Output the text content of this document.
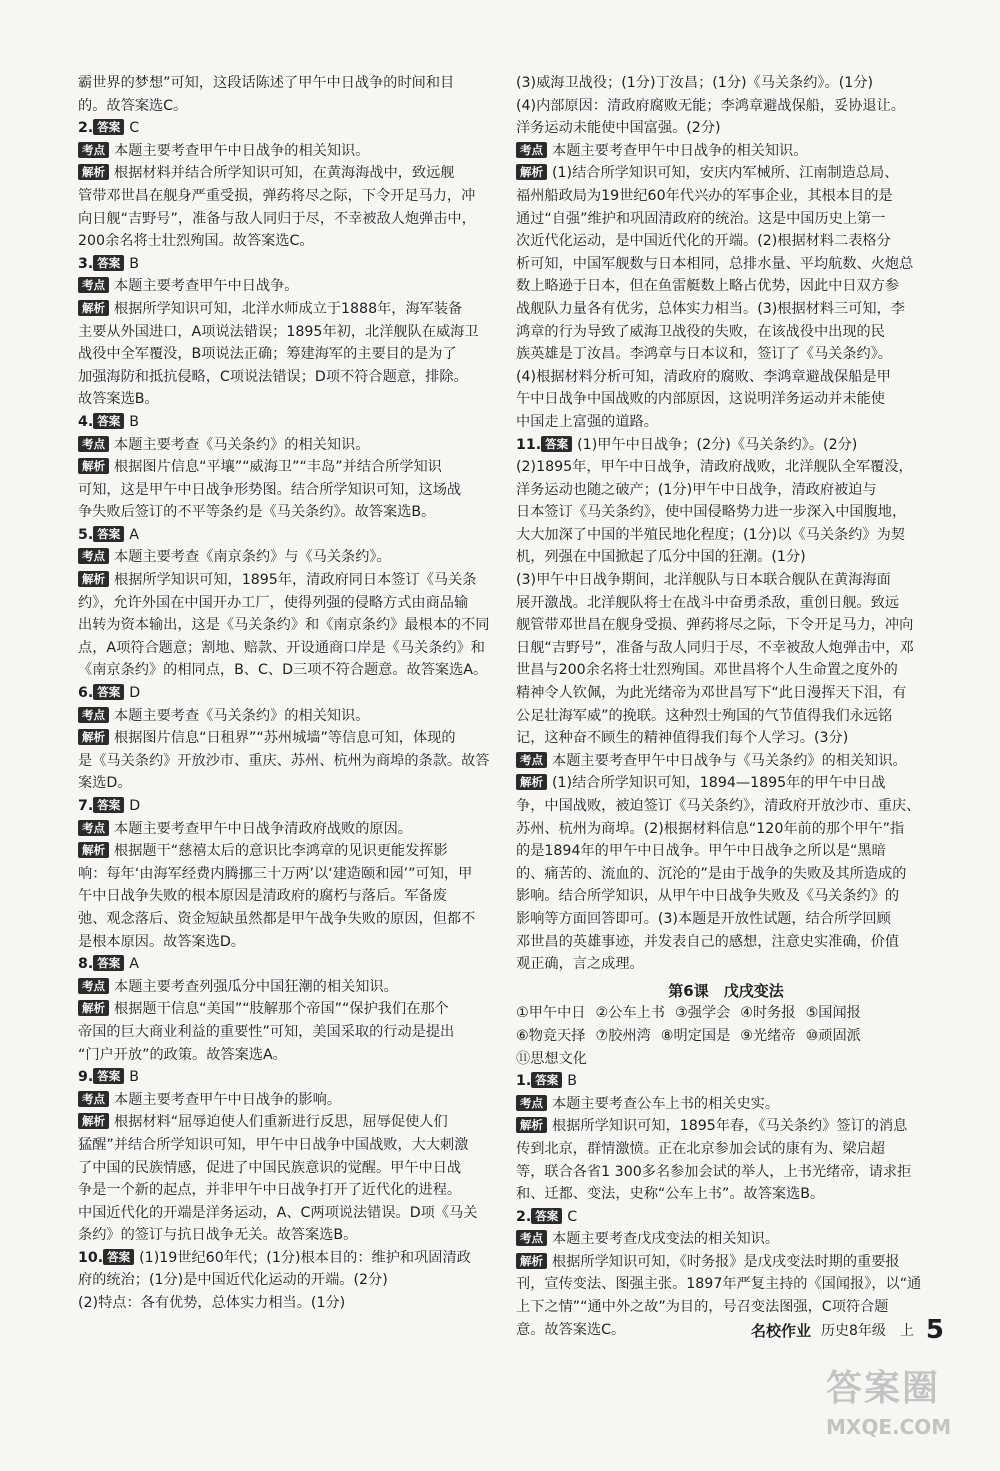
霸世界的梦想”可知，这段话陈述了甲午中日战争的时间和目
的。故答案选C。
2. 答案 C
考点 本题主要考查甲午中日战争的相关知识。
解析 根据材料并结合所学知识可知，在黄海海战中，致远舰
管带邓世昌在舰身严重受损，弹药将尽之际，下令开足马力，冲
向日舰“吉野号”，准备与敌人同归于尽，不幸被敌人炮弹击中，
200余名将士壮烈殉国。故答案选C。
3. 答案 B
考点 本题主要考查甲午中日战争。
解析 根据所学知识可知，北洋水师成立于1888年，海军装备
主要从外国进口，A项说法错误；1895年初，北洋舰队在威海卫
战役中全军覆没，B项说法正确；筹建海军的主要目的是为了
加强海防和抵抗侵略，C项说法错误；D项不符合题意，排除。
故答案选B。
4. 答案 B
考点 本题主要考查《马关条约》的相关知识。
解析 根据图片信息“平壤”“威海卫”“丰岛”并结合所学知识
可知，这是甲午中日战争形势图。结合所学知识可知，这场战
争失败后签订的不平等条约是《马关条约》。故答案选B。
5. 答案 A
考点 本题主要考查《南京条约》与《马关条约》。
解析 根据所学知识可知，1895年，清政府同日本签订《马关条
约》，允许外国在中国开办工厂，使得列强的侵略方式由商品输
出转为资本输出，这是《马关条约》和《南京条约》最根本的不同
点，A项符合题意；割地、赔款、开设通商口岸是《马关条约》和
《南京条约》的相同点，B、C、D三项不符合题意。故答案选A。
6. 答案 D
考点 本题主要考查《马关条约》的相关知识。
解析 根据图片信息“日租界”“苏州城墙”等信息可知，体现的
是《马关条约》开放沙市、重庆、苏州、杭州为商埠的条款。故答
案选D。
7. 答案 D
考点 本题主要考查甲午中日战争清政府战败的原因。
解析 根据题干“慈禧太后的意识比李鸿章的见识更能发挥影
响：每年‘由海军经费内腾挪三十万两’以‘建造颐和园’”可知，甲
午中日战争失败的根本原因是清政府的腐朽与落后。军备废
弛、观念落后、资金短缺虽然都是甲午战争失败的原因，但都不
是根本原因。故答案选D。
8. 答案 A
考点 本题主要考查列强瓜分中国狂潮的相关知识。
解析 根据题干信息“美国”“肢解那个帝国”“保护我们在那个
帝国的巨大商业利益的重要性”可知，美国采取的行动是提出
“门户开放”的政策。故答案选A。
9. 答案 B
考点 本题主要考查甲午中日战争的影响。
解析 根据材料“屈辱迫使人们重新进行反思，屈辱促使人们
猛醒”并结合所学知识可知，甲午中日战争中国战败，大大刺激
了中国的民族情感，促进了中国民族意识的觉醒。甲午中日战
争是一个新的起点，并非甲午中日战争打开了近代化的进程。
中国近代化的开端是洋务运动，A、C两项说法错误。D项《马关
条约》的签订与抗日战争无关。故答案选B。
10. 答案 (1)19世纪60年代；(1分)根本目的：维护和巩固清政
府的统治；(1分)是中国近代化运动的开端。(2分)
(2)特点：各有优势，总体实力相当。(1分)
(3)威海卫战役；(1分)丁汝昌；(1分)《马关条约》。(1分)
(4)内部原因：清政府腐败无能；李鸿章避战保船，妥协退让。
洋务运动未能使中国富强。(2分)
考点 本题主要考查甲午中日战争的相关知识。
解析 (1)结合所学知识可知，安庆内军械所、江南制造总局、
福州船政局为19世纪60年代兴办的军事企业，其根本目的是
通过“自强”维护和巩固清政府的统治。这是中国历史上第一
次近代化运动，是中国近代化的开端。(2)根据材料二表格分
析可知，中国军舰数与日本相同，总排水量、平均航数、火炮总
数上略逊于日本，但在鱼雷艇数上略占优势，因此中日双方参
战舰队力量各有优劣，总体实力相当。(3)根据材料三可知，李
鸿章的行为导致了威海卫战役的失败，在该战役中出现的民
族英雄是丁汝昌。李鸿章与日本议和，签订了《马关条约》。
(4)根据材料分析可知，清政府的腐败、李鸿章避战保船是甲
午中日战争中国战败的内部原因，这说明洋务运动并未能使
中国走上富强的道路。
11. 答案 (1)甲午中日战争；(2分)《马关条约》。(2分)
(2)1895年，甲午中日战争，清政府战败，北洋舰队全军覆没，
洋务运动也随之破产；(1分)甲午中日战争，清政府被迫与
日本签订《马关条约》，使中国侵略势力进一步深入中国腹地，
大大加深了中国的半殖民地化程度；(1分)以《马关条约》为契
机，列强在中国掀起了瓜分中国的狂潮。(1分)
(3)甲午中日战争期间，北洋舰队与日本联合舰队在黄海海面
展开激战。北洋舰队将士在战斗中奋勇杀敌，重创日舰。致远
舰管带邓世昌在舰身受损、弹药将尽之际，下令开足马力，冲向
日舰“吉野号”，准备与敌人同归于尽，不幸被敌人炮弹击中，邓
世昌与200余名将士壮烈殉国。邓世昌将个人生命置之度外的
精神令人钦佩，为此光绪帝为邓世昌写下“此日漫挥天下泪，有
公足壮海军威”的挽联。这种烈士殉国的气节值得我们永远铭
记，这种奋不顾生的精神值得我们每个人学习。(3分)
考点 本题主要考查甲午中日战争与《马关条约》的相关知识。
解析 (1)结合所学知识可知，1894—1895年的甲午中日战
争，中国战败，被迫签订《马关条约》，清政府开放沙市、重庆、
苏州、杭州为商埠。(2)根据材料信息“120年前的那个甲午”指
的是1894年的甲午中日战争。甲午中日战争之所以是“黑暗
的、痛苦的、流血的、沉沦的”是由于战争的失败及其所造成的
影响。结合所学知识，从甲午中日战争失败及《马关条约》的
影响等方面回答即可。(3)本题是开放性试题，结合所学回顾
邓世昌的英雄事迹，并发表自己的感想，注意史实准确，价值
观正确，言之成理。
第6课　戊戌变法
①甲午中日 ②公车上书 ③强学会 ④时务报 ⑤国闻报⑥物竞天择 ⑦胶州湾 ⑧明定国是 ⑨光绪帝 ⑩顽固派⑪思想文化
1. 答案 B
考点 本题主要考查公车上书的相关史实。
解析 根据所学知识可知，1895年春，《马关条约》签订的消息
传到北京，群情激愤。正在北京参加会试的康有为、梁启超
等，联合各省1 300多名参加会试的举人，上书光绪帝，请求拒
和、迁都、变法，史称“公车上书”。故答案选B。
2. 答案 C
考点 本题主要考查戊戌变法的相关知识。
解析 根据所学知识可知，《时务报》是戊戌变法时期的重要报
刊，宣传变法、图强主张。1897年严复主持的《国闻报》，以“通
上下之情”“通中外之故”为目的，号召变法图强，C项符合题
意。故答案选C。	名校作业 历史8年级　上 5
答案圈
MXQE.COM
